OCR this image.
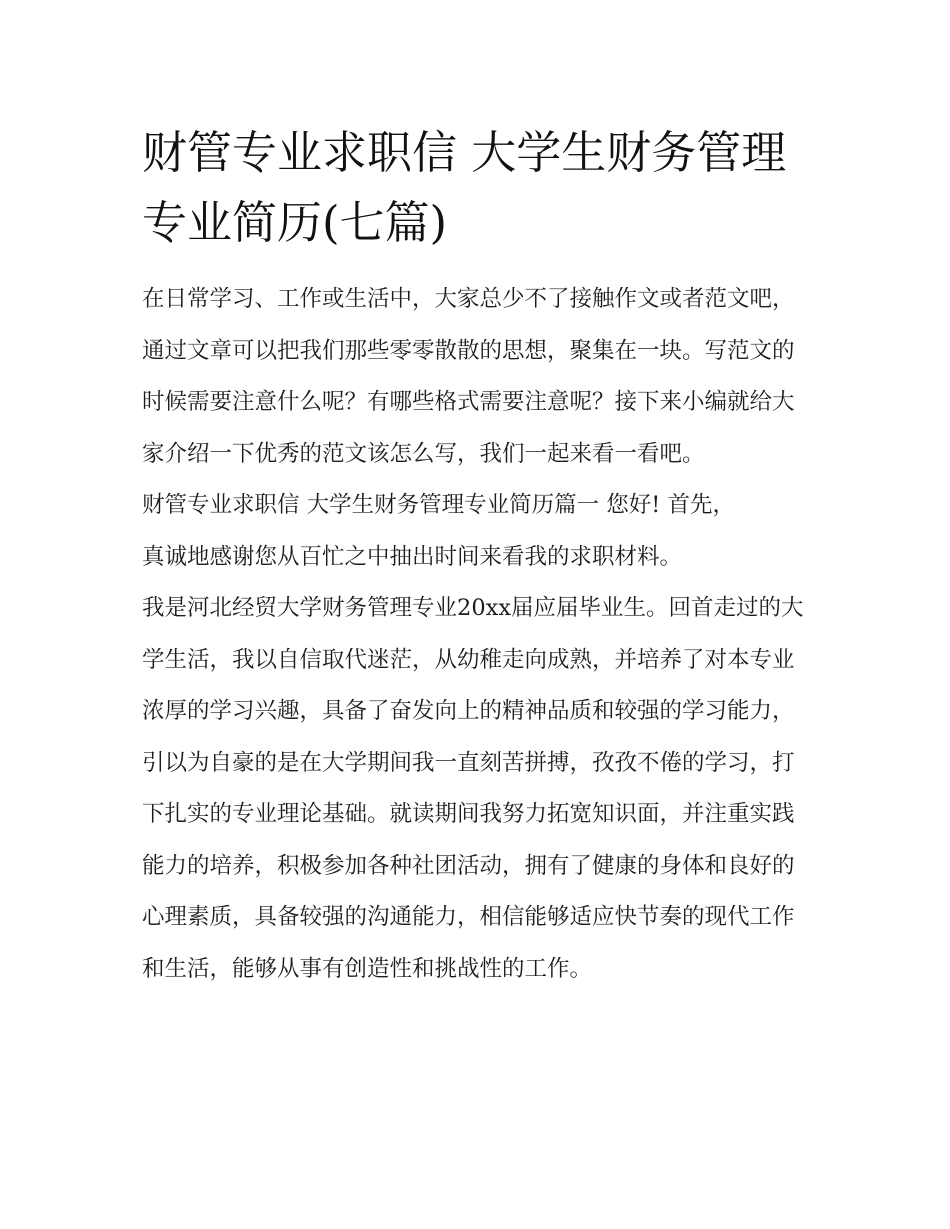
财管专业求职信 大学生财务管理专业简历(七篇)

在日常学习、工作或生活中，大家总少不了接触作文或者范文吧，通过文章可以把我们那些零零散散的思想，聚集在一块。写范文的时候需要注意什么呢？有哪些格式需要注意呢？接下来小编就给大家介绍一下优秀的范文该怎么写，我们一起来看一看吧。

财管专业求职信 大学生财务管理专业简历篇一 您好! 首先，

真诚地感谢您从百忙之中抽出时间来看我的求职材料。

我是河北经贸大学财务管理专业20xx届应届毕业生。回首走过的大学生活，我以自信取代迷茫，从幼稚走向成熟，并培养了对本专业浓厚的学习兴趣，具备了奋发向上的精神品质和较强的学习能力，引以为自豪的是在大学期间我一直刻苦拼搏，孜孜不倦的学习，打下扎实的专业理论基础。就读期间我努力拓宽知识面，并注重实践能力的培养，积极参加各种社团活动，拥有了健康的身体和良好的心理素质，具备较强的沟通能力，相信能够适应快节奏的现代工作和生活，能够从事有创造性和挑战性的工作。
